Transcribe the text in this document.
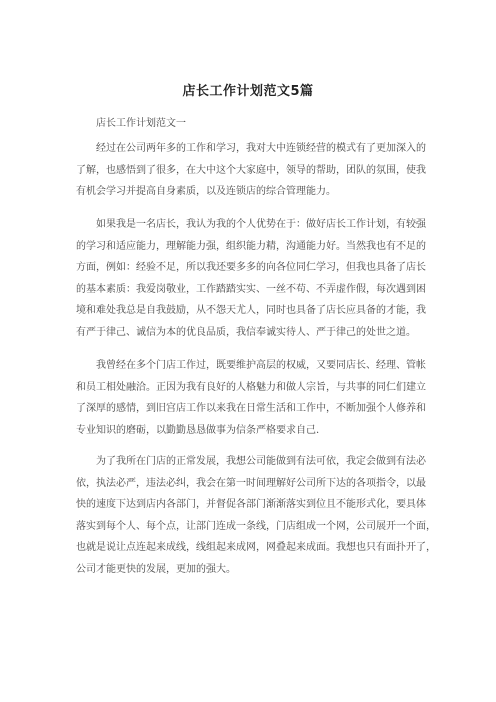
店长工作计划范文5篇
店长工作计划范文一
经过在公司两年多的工作和学习，我对大中连锁经营的模式有了更加深入的
了解，也感悟到了很多，在大中这个大家庭中，领导的帮助，团队的氛围，使我
有机会学习并提高自身素质，以及连锁店的综合管理能力。
如果我是一名店长，我认为我的个人优势在于：做好店长工作计划，有较强
的学习和适应能力，理解能力强，组织能力精，沟通能力好。当然我也有不足的
方面，例如：经验不足，所以我还要多多的向各位同仁学习，但我也具备了店长
的基本素质：我爱岗敬业，工作踏踏实实、一丝不苟、不弄虚作假，每次遇到困
境和难处我总是自我鼓励，从不怨天尤人，同时也具备了店长应具备的才能，我
有严于律己、诚信为本的优良品质，我信奉诚实待人、严于律己的处世之道。
我曾经在多个门店工作过，既要维护高层的权威，又要同店长、经理、管帐
和员工相处融洽。正因为我有良好的人格魅力和做人宗旨，与共事的同仁们建立
了深厚的感情，到旧宫店工作以来我在日常生活和工作中，不断加强个人修养和
专业知识的磨砺，以勤勤恳恳做事为信条严格要求自己.
为了我所在门店的正常发展，我想公司能做到有法可依，我定会做到有法必
依，执法必严，违法必纠，我会在第一时间理解好公司所下达的各项指令，以最
快的速度下达到店内各部门，并督促各部门渐渐落实到位且不能形式化，要具体
落实到每个人、每个点，让部门连成一条线，门店组成一个网，公司展开一个面，
也就是说让点连起来成线，线组起来成网，网叠起来成面。我想也只有面扑开了，
公司才能更快的发展，更加的强大。
